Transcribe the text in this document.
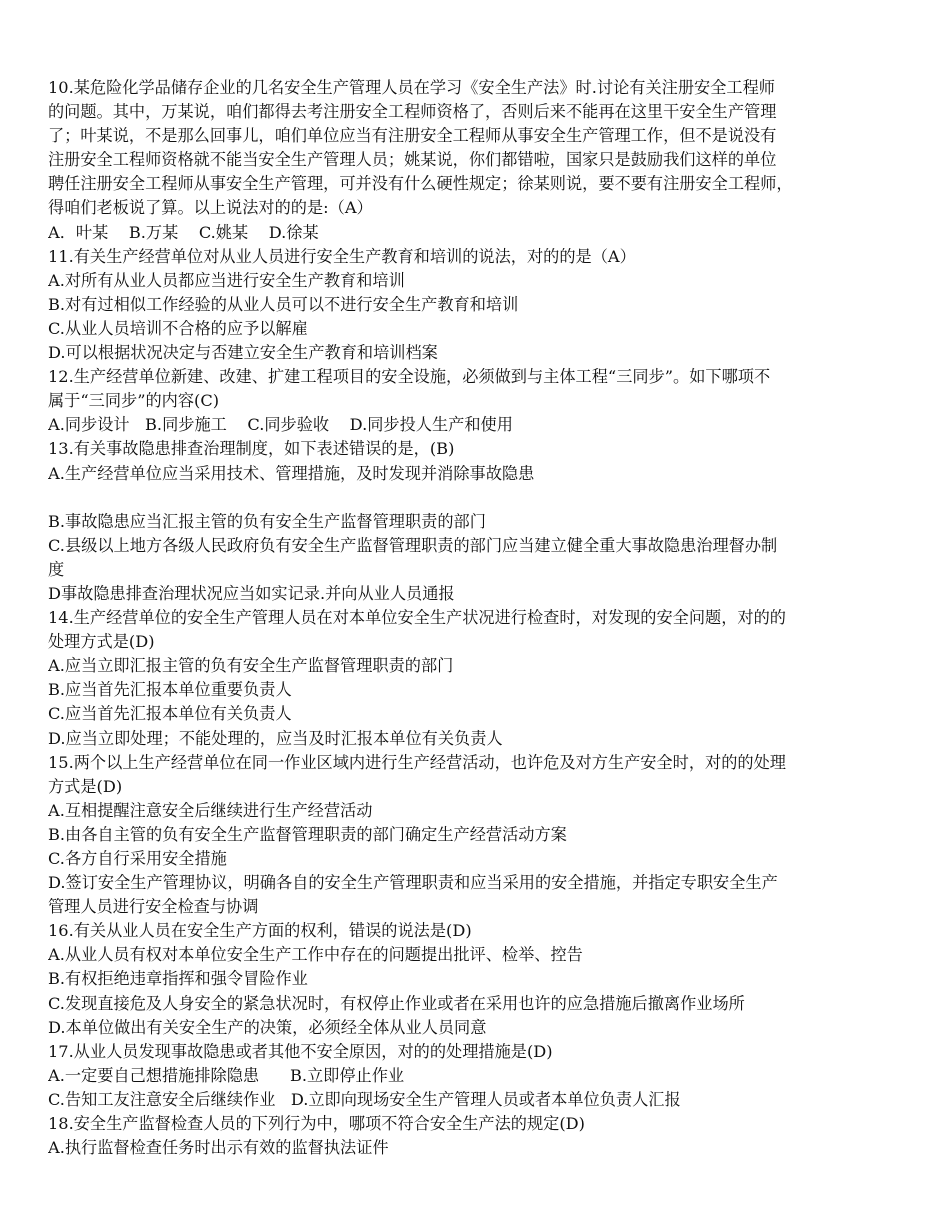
10.某危险化学品储存企业的几名安全生产管理人员在学习《安全生产法》时.讨论有关注册安全工程师
的问题。其中，万某说，咱们都得去考注册安全工程师资格了，否则后来不能再在这里干安全生产管理
了；叶某说，不是那么回事儿，咱们单位应当有注册安全工程师从事安全生产管理工作，但不是说没有
注册安全工程师资格就不能当安全生产管理人员；姚某说，你们都错啦，国家只是鼓励我们这样的单位
聘任注册安全工程师从事安全生产管理，可并没有什么硬性规定；徐某则说，要不要有注册安全工程师，
得咱们老板说了算。以上说法对的的是:（A）
A．叶某    B.万某    C.姚某    D.徐某
11.有关生产经营单位对从业人员进行安全生产教育和培训的说法，对的的是（A）
A.对所有从业人员都应当进行安全生产教育和培训
B.对有过相似工作经验的从业人员可以不进行安全生产教育和培训
C.从业人员培训不合格的应予以解雇
D.可以根据状况决定与否建立安全生产教育和培训档案
12.生产经营单位新建、改建、扩建工程项目的安全设施，必须做到与主体工程“三同步”。如下哪项不
属于“三同步”的内容(C)
A.同步设计   B.同步施工    C.同步验收    D.同步投人生产和使用
13.有关事故隐患排查治理制度，如下表述错误的是，(B)
A.生产经营单位应当采用技术、管理措施，及时发现并消除事故隐患
B.事故隐患应当汇报主管的负有安全生产监督管理职责的部门
C.县级以上地方各级人民政府负有安全生产监督管理职责的部门应当建立健全重大事故隐患治理督办制
度
D事故隐患排查治理状况应当如实记录.并向从业人员通报
14.生产经营单位的安全生产管理人员在对本单位安全生产状况进行检查时，对发现的安全问题，对的的
处理方式是(D)
A.应当立即汇报主管的负有安全生产监督管理职责的部门
B.应当首先汇报本单位重要负责人
C.应当首先汇报本单位有关负责人
D.应当立即处理；不能处理的，应当及时汇报本单位有关负责人
15.两个以上生产经营单位在同一作业区域内进行生产经营活动，也许危及对方生产安全时，对的的处理
方式是(D)
A.互相提醒注意安全后继续进行生产经营活动
B.由各自主管的负有安全生产监督管理职责的部门确定生产经营活动方案
C.各方自行采用安全措施
D.签订安全生产管理协议，明确各自的安全生产管理职责和应当采用的安全措施，并指定专职安全生产
管理人员进行安全检查与协调
16.有关从业人员在安全生产方面的权利，错误的说法是(D)
A.从业人员有权对本单位安全生产工作中存在的问题提出批评、检举、控告
B.有权拒绝违章指挥和强令冒险作业
C.发现直接危及人身安全的紧急状况时，有权停止作业或者在采用也许的应急措施后撤离作业场所
D.本单位做出有关安全生产的决策，必须经全体从业人员同意
17.从业人员发现事故隐患或者其他不安全原因，对的的处理措施是(D)
A.一定要自己想措施排除隐患      B.立即停止作业
C.告知工友注意安全后继续作业   D.立即向现场安全生产管理人员或者本单位负责人汇报
18.安全生产监督检查人员的下列行为中，哪项不符合安全生产法的规定(D)
A.执行监督检查任务时出示有效的监督执法证件
